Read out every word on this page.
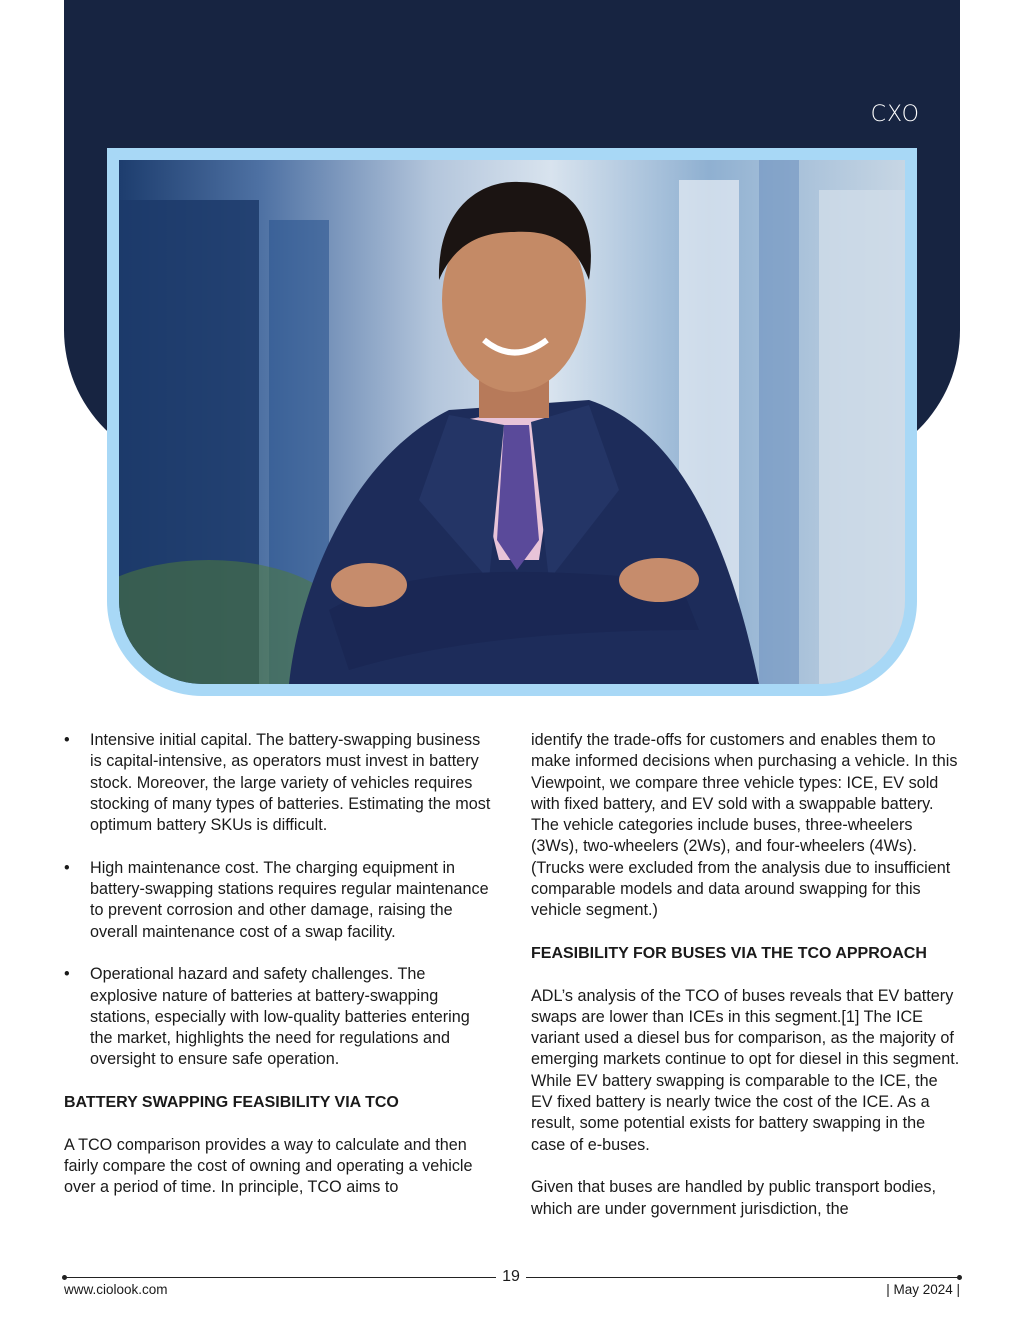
CXO
• Intensive initial capital. The battery-swapping business is capital-intensive, as operators must invest in battery stock. Moreover, the large variety of vehicles requires stocking of many types of batteries. Estimating the most optimum battery SKUs is difficult.
• High maintenance cost. The charging equipment in battery-swapping stations requires regular maintenance to prevent corrosion and other damage, raising the overall maintenance cost of a swap facility.
• Operational hazard and safety challenges. The explosive nature of batteries at battery-swapping stations, especially with low-quality batteries entering the market, highlights the need for regulations and oversight to ensure safe operation.
BATTERY SWAPPING FEASIBILITY VIA TCO

A TCO comparison provides a way to calculate and then fairly compare the cost of owning and operating a vehicle over a period of time. In principle, TCO aims to

identify the trade-offs for customers and enables them to make informed decisions when purchasing a vehicle. In this Viewpoint, we compare three vehicle types: ICE, EV sold with fixed battery, and EV sold with a swappable battery. The vehicle categories include buses, three-wheelers (3Ws), two-wheelers (2Ws), and four-wheelers (4Ws). (Trucks were excluded from the analysis due to insufficient comparable models and data around swapping for this vehicle segment.)

FEASIBILITY FOR BUSES VIA THE TCO APPROACH

ADL’s analysis of the TCO of buses reveals that EV battery swaps are lower than ICEs in this segment.[1] The ICE variant used a diesel bus for comparison, as the majority of emerging markets continue to opt for diesel in this segment. While EV battery swapping is comparable to the ICE, the EV fixed battery is nearly twice the cost of the ICE. As a result, some potential exists for battery swapping in the case of e-buses.

Given that buses are handled by public transport bodies, which are under government jurisdiction, the

19
www.ciolook.com	| May 2024 |
